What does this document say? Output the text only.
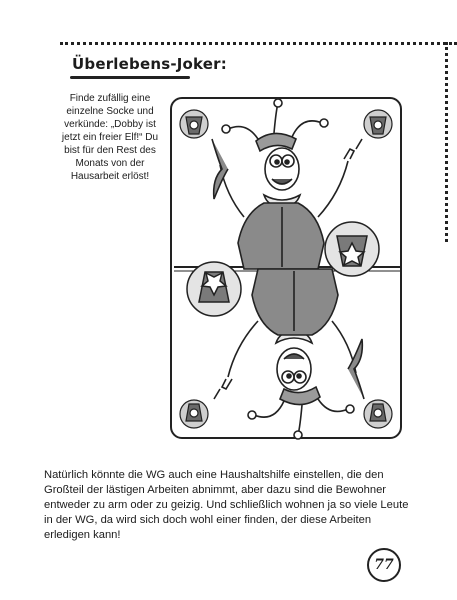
Überlebens-Joker:
Finde zufällig eine einzelne Socke und verkünde: „Dobby ist jetzt ein freier Elf!“ Du bist für den Rest des Monats von der Hausarbeit erlöst!
Natürlich könnte die WG auch eine Haushaltshilfe einstellen, die den Großteil der lästigen Arbeiten abnimmt, aber dazu sind die Bewohner entweder zu arm oder zu geizig. Und schließlich wohnen ja so viele Leute in der WG, da wird sich doch wohl einer finden, der diese Arbeiten erledigen kann!
77
